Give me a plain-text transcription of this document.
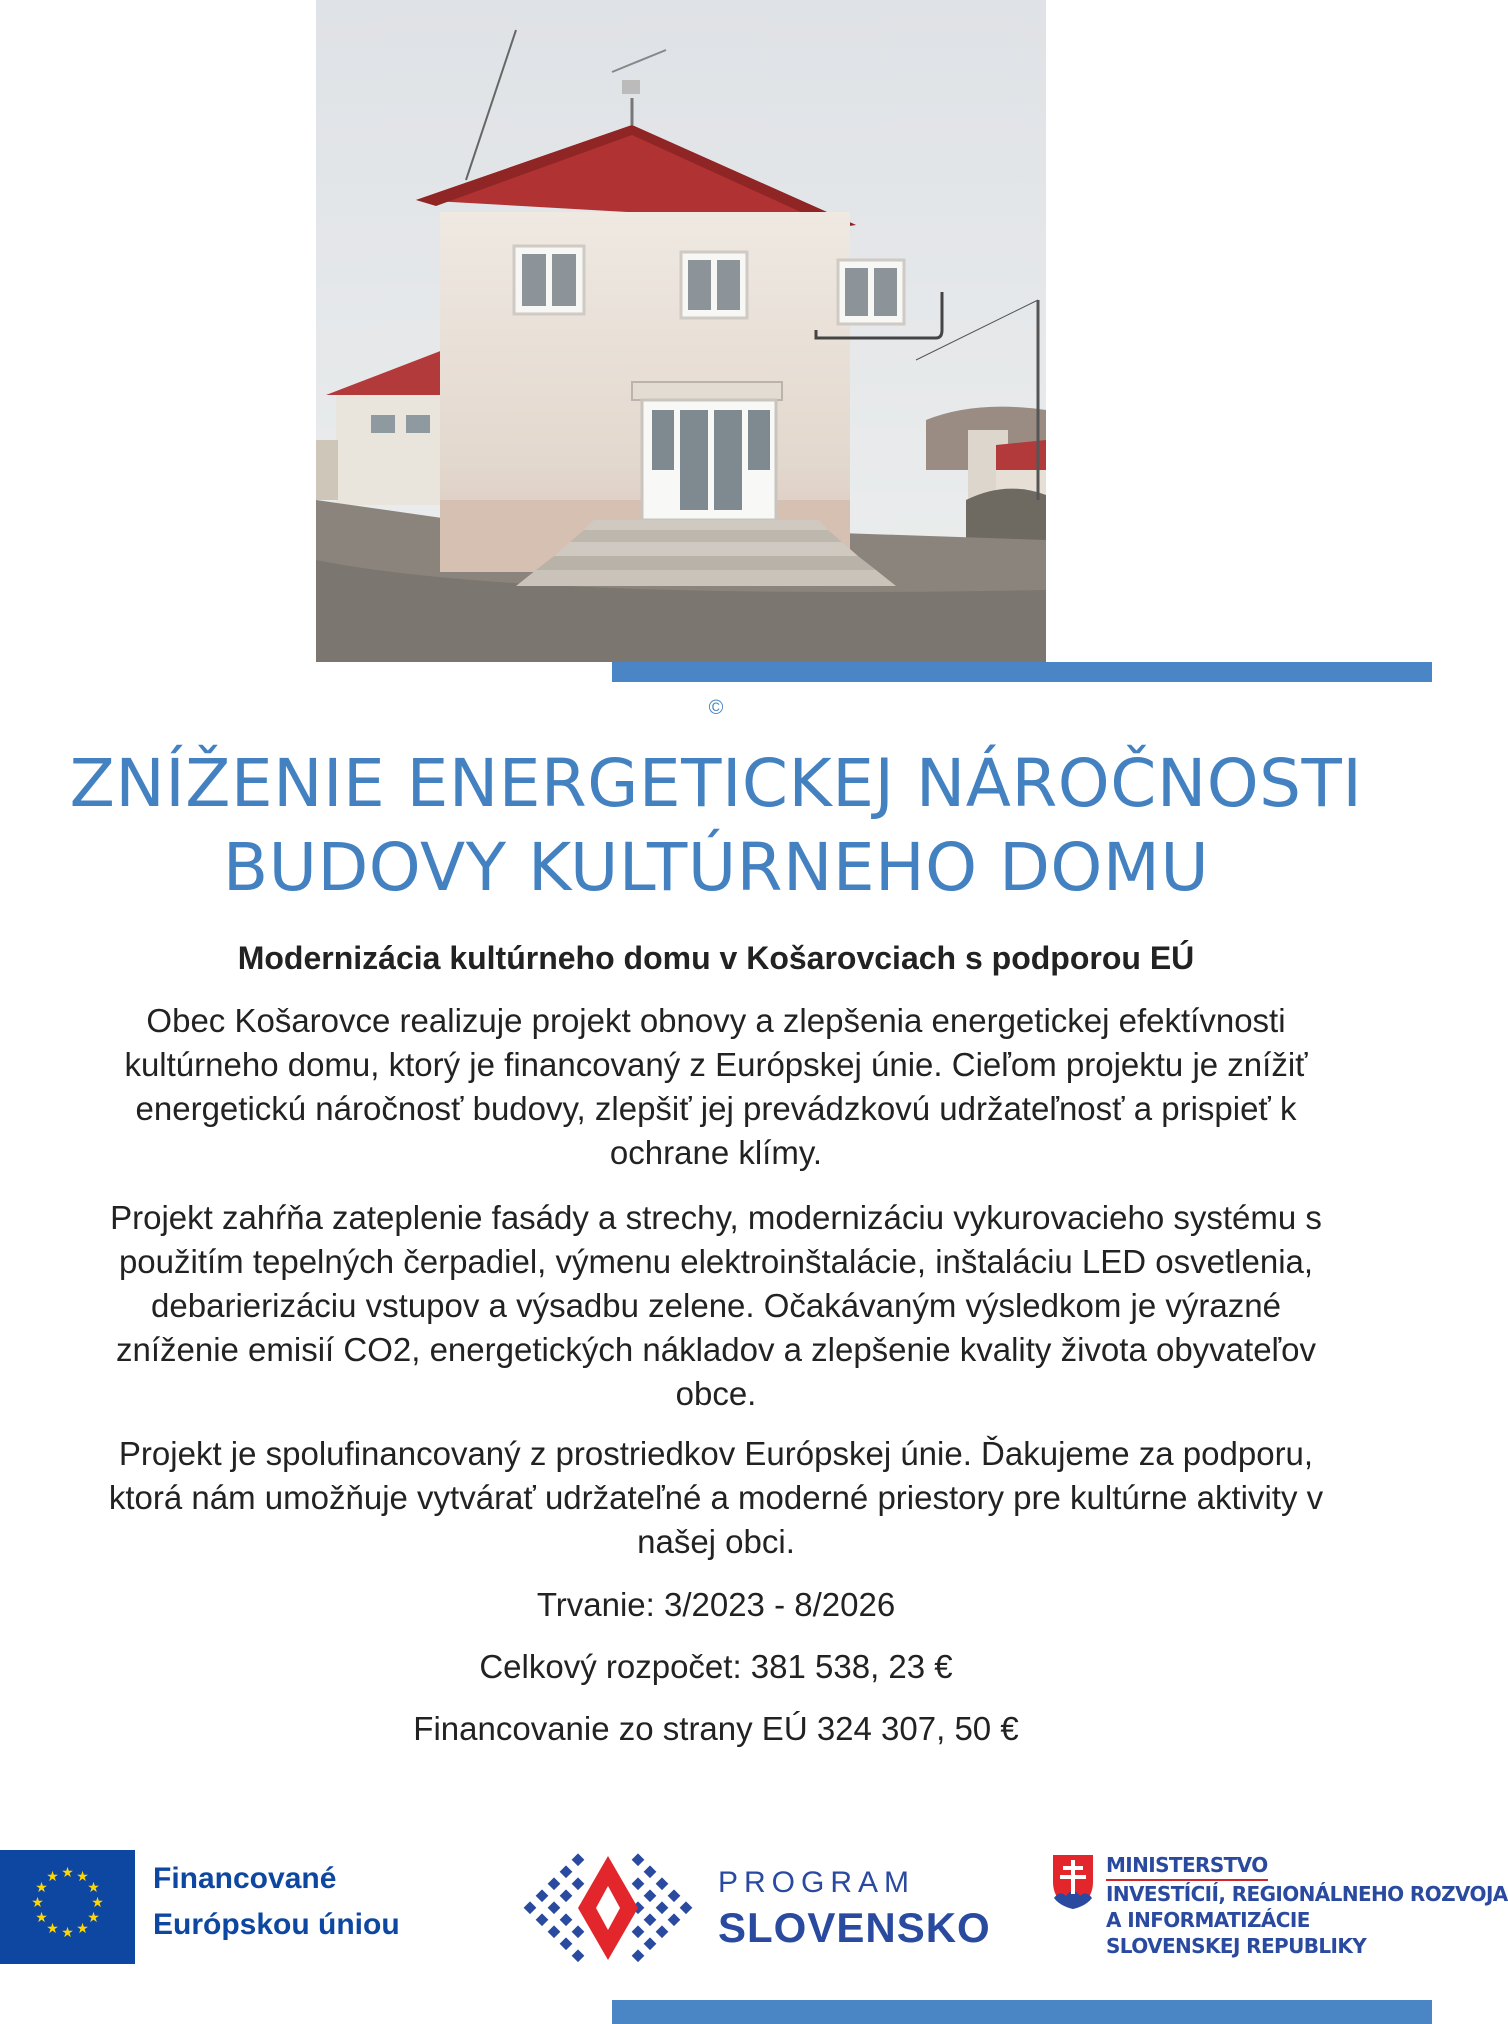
©
ZNÍŽENIE ENERGETICKEJ NÁROČNOSTI
BUDOVY KULTÚRNEHO DOMU

Modernizácia kultúrneho domu v Košarovciach s podporou EÚ

Obec Košarovce realizuje projekt obnovy a zlepšenia energetickej efektívnosti kultúrneho domu, ktorý je financovaný z Európskej únie. Cieľom projektu je znížiť energetickú náročnosť budovy, zlepšiť jej prevádzkovú udržateľnosť a prispieť k ochrane klímy.

Projekt zahŕňa zateplenie fasády a strechy, modernizáciu vykurovacieho systému s použitím tepelných čerpadiel, výmenu elektroinštalácie, inštaláciu LED osvetlenia, debarierizáciu vstupov a výsadbu zelene. Očakávaným výsledkom je výrazné zníženie emisií CO2, energetických nákladov a zlepšenie kvality života obyvateľov obce.

Projekt je spolufinancovaný z prostriedkov Európskej únie. Ďakujeme za podporu, ktorá nám umožňuje vytvárať udržateľné a moderné priestory pre kultúrne aktivity v našej obci.

Trvanie: 3/2023 - 8/2026

Celkový rozpočet: 381 538, 23 €

Financovanie zo strany EÚ 324 307, 50 €

★ ★
★
★
★
★
★
★
★
★
★
★	Financované
Európskou úniou
PROGRAM
SLOVENSKO
MINISTERSTVO
INVESTÍCIÍ, REGIONÁLNEHO ROZVOJA
A INFORMATIZÁCIE
SLOVENSKEJ REPUBLIKY
